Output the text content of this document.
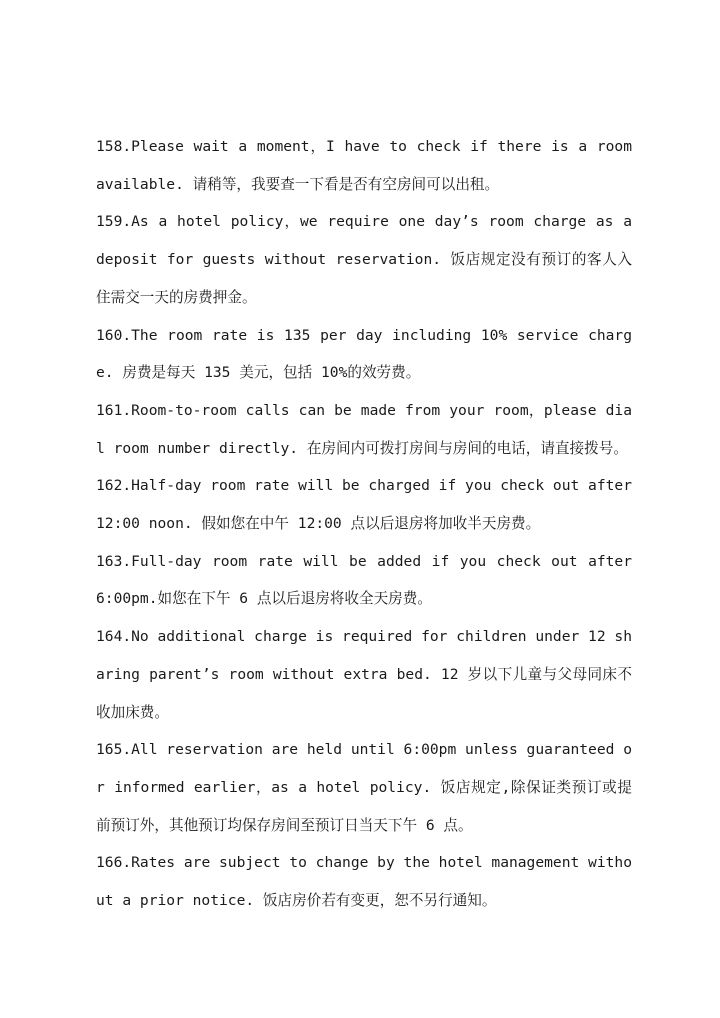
158.Please wait a moment，I have to check if there is a room available. 请稍等，我要查一下看是否有空房间可以出租。

159.As a hotel policy，we require one day’s room charge as a deposit for guests without reservation. 饭店规定没有预订的客人入住需交一天的房费押金。

160.The room rate is 135 per day including 10% service charge. 房费是每天 135 美元，包括 10%的效劳费。

161.Room-to-room calls can be made from your room，please dial room number directly. 在房间内可拨打房间与房间的电话，请直接拨号。

162.Half-day room rate will be charged if you check out after 12:00 noon. 假如您在中午 12:00 点以后退房将加收半天房费。

163.Full-day room rate will be added if you check out after 6:00pm.如您在下午 6 点以后退房将收全天房费。

164.No additional charge is required for children under 12 sharing parent’s room without extra bed. 12 岁以下儿童与父母同床不收加床费。

165.All reservation are held until 6:00pm unless guaranteed or informed earlier，as a hotel policy. 饭店规定,除保证类预订或提前预订外，其他预订均保存房间至预订日当天下午 6 点。

166.Rates are subject to change by the hotel management without a prior notice. 饭店房价若有变更，恕不另行通知。
